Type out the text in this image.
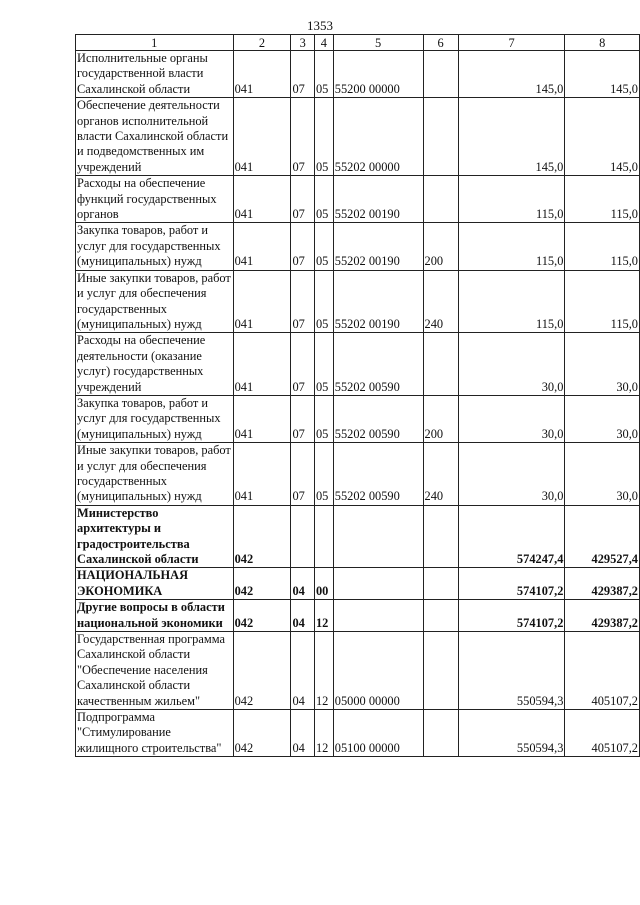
1353
1	2	3	4	5	6	7	8
Исполнительные органы государственной власти Сахалинской области	041	07	05	55200 00000		145,0	145,0
Обеспечение деятельности органов исполнительной власти Сахалинской области и подведомственных им учреждений	041	07	05	55202 00000		145,0	145,0
Расходы на обеспечение функций государственных органов	041	07	05	55202 00190		115,0	115,0
Закупка товаров, работ и услуг для государственных (муниципальных) нужд	041	07	05	55202 00190	200	115,0	115,0
Иные закупки товаров, работ и услуг для обеспечения государственных (муниципальных) нужд	041	07	05	55202 00190	240	115,0	115,0
Расходы на обеспечение деятельности (оказание услуг) государственных учреждений	041	07	05	55202 00590		30,0	30,0
Закупка товаров, работ и услуг для государственных (муниципальных) нужд	041	07	05	55202 00590	200	30,0	30,0
Иные закупки товаров, работ и услуг для обеспечения государственных (муниципальных) нужд	041	07	05	55202 00590	240	30,0	30,0
Министерство архитектуры и градостроительства Сахалинской области	042					574247,4	429527,4
НАЦИОНАЛЬНАЯ ЭКОНОМИКА	042	04	00			574107,2	429387,2
Другие вопросы в области национальной экономики	042	04	12			574107,2	429387,2
Государственная программа Сахалинской области "Обеспечение населения Сахалинской области качественным жильем"	042	04	12	05000 00000		550594,3	405107,2
Подпрограмма "Стимулирование жилищного строительства"	042	04	12	05100 00000		550594,3	405107,2
